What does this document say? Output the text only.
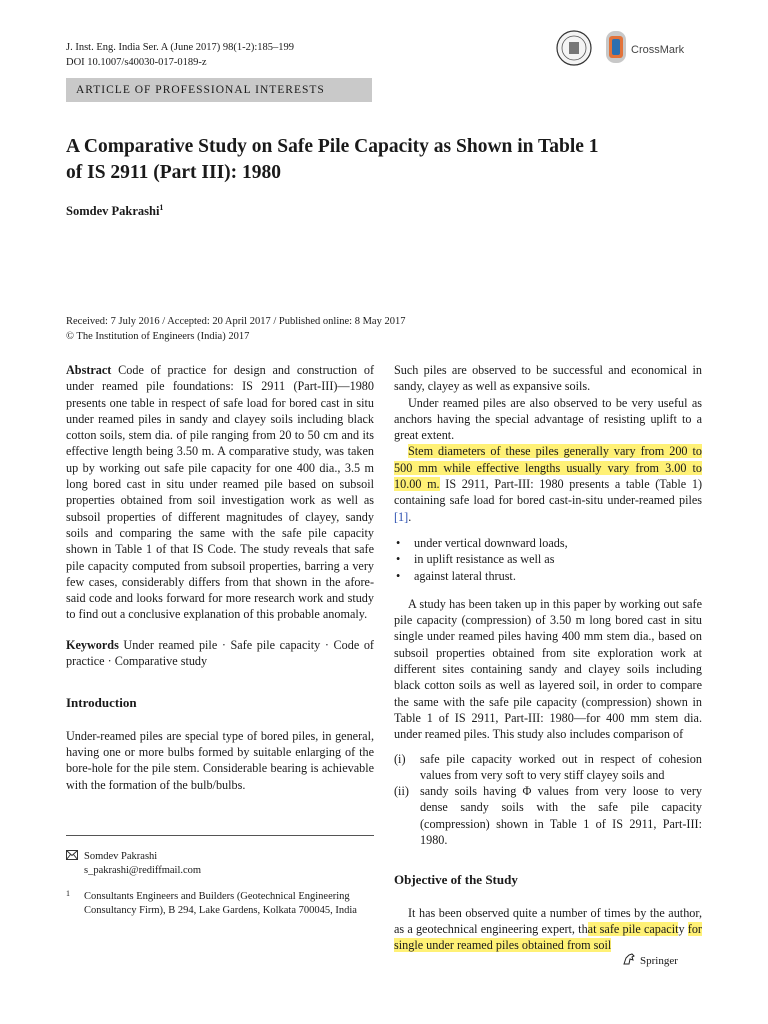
J. Inst. Eng. India Ser. A (June 2017) 98(1-2):185–199
DOI 10.1007/s40030-017-0189-z
CrossMark
ARTICLE OF PROFESSIONAL INTERESTS
A Comparative Study on Safe Pile Capacity as Shown in Table 1
of IS 2911 (Part III): 1980
Somdev Pakrashi$^1$
Received: 7 July 2016 / Accepted: 20 April 2017 / Published online: 8 May 2017
© The Institution of Engineers (India) 2017

Abstract Code of practice for design and construction of under reamed pile foundations: IS 2911 (Part-III)—1980 presents one table in respect of safe load for bored cast in situ under reamed piles in sandy and clayey soils including black cotton soils, stem dia. of pile ranging from 20 to 50 cm and its effective length being 3.50 m. A comparative study, was taken up by working out safe pile capacity for one 400 dia., 3.5 m long bored cast in situ under reamed pile based on subsoil properties obtained from soil investigation work as well as subsoil properties of different magnitudes of clayey, sandy soils and comparing the same with the safe pile capacity shown in Table 1 of that IS Code. The study reveals that safe pile capacity computed from subsoil properties, barring a very few cases, considerably differs from that shown in the afore-said code and looks forward for more research work and study to find out a conclusive explanation of this probable anomaly.

Keywords Under reamed pile · Safe pile capacity · Code of practice · Comparative study

Introduction

Under-reamed piles are special type of bored piles, in general, having one or more bulbs formed by suitable enlarging of the bore-hole for the pile stem. Considerable bearing is achievable with the formation of the bulb/bulbs.

Somdev Pakrashi
s_pakrashi@rediffmail.com
1 Consultants Engineers and Builders (Geotechnical Engineering Consultancy Firm), B 294, Lake Gardens, Kolkata 700045, India

Such piles are observed to be successful and economical in sandy, clayey as well as expansive soils.

Under reamed piles are also observed to be very useful as anchors having the special advantage of resisting uplift to a great extent.

Stem diameters of these piles generally vary from 200 to 500 mm while effective lengths usually vary from 3.00 to 10.00 m. IS 2911, Part-III: 1980 presents a table (Table 1) containing safe load for bored cast-in-situ under-reamed piles [1].

• under vertical downward loads,
• in uplift resistance as well as
• against lateral thrust.

A study has been taken up in this paper by working out safe pile capacity (compression) of 3.50 m long bored cast in situ single under reamed piles having 400 mm stem dia., based on subsoil properties obtained from site exploration work at different sites containing sandy and clayey soils including black cotton soils as well as layered soil, in order to compare the same with the safe pile capacity (compression) shown in Table 1 of IS 2911, Part-III: 1980—for 400 mm stem dia. under reamed piles. This study also includes comparison of

(i) safe pile capacity worked out in respect of cohesion values from very soft to very stiff clayey soils and

(ii) sandy soils having Φ values from very loose to very dense sandy soils with the safe pile capacity (compression) shown in Table 1 of IS 2911, Part-III: 1980.

Objective of the Study

It has been observed quite a number of times by the author, as a geotechnical engineering expert, that safe pile capacity for single under reamed piles obtained from soil

Springer
